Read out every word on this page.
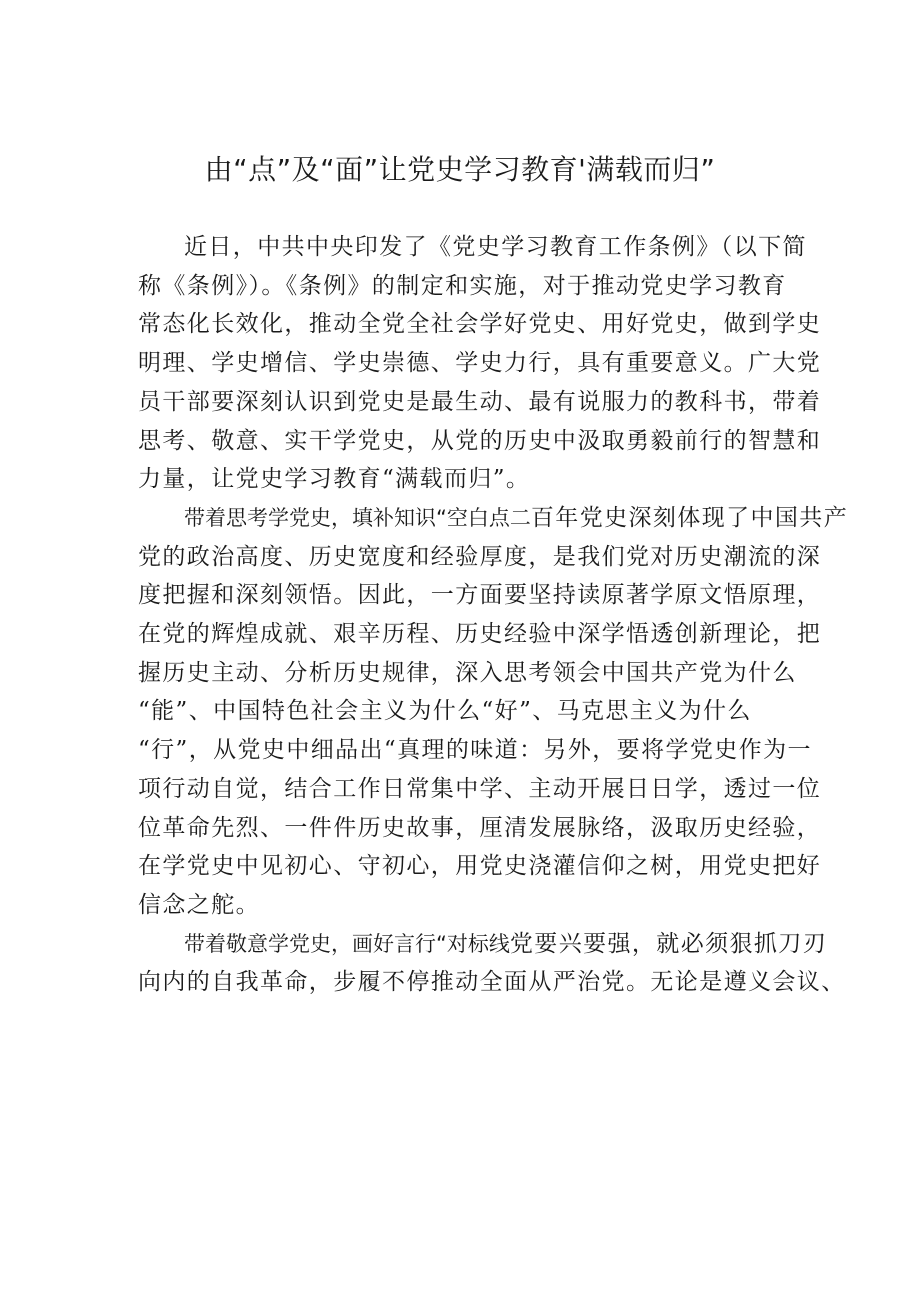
由“点”及“面”让党史学习教育'满载而归”
近日，中共中央印发了《党史学习教育工作条例》（以下简
称《条例》）。《条例》的制定和实施，对于推动党史学习教育
常态化长效化，推动全党全社会学好党史、用好党史，做到学史
明理、学史增信、学史崇德、学史力行，具有重要意义。广大党
员干部要深刻认识到党史是最生动、最有说服力的教科书，带着
思考、敬意、实干学党史，从党的历史中汲取勇毅前行的智慧和
力量，让党史学习教育“满载而归”。
带着思考学党史，填补知识“空白点二百年党史深刻体现了中国共产
党的政治高度、历史宽度和经验厚度，是我们党对历史潮流的深
度把握和深刻领悟。因此，一方面要坚持读原著学原文悟原理，
在党的辉煌成就、艰辛历程、历史经验中深学悟透创新理论，把
握历史主动、分析历史规律，深入思考领会中国共产党为什么
“能”、中国特色社会主义为什么“好”、马克思主义为什么
“行”，从党史中细品出“真理的味道：另外，要将学党史作为一
项行动自觉，结合工作日常集中学、主动开展日日学，透过一位
位革命先烈、一件件历史故事，厘清发展脉络，汲取历史经验，
在学党史中见初心、守初心，用党史浇灌信仰之树，用党史把好
信念之舵。
带着敬意学党史，画好言行“对标线党要兴要强，就必须狠抓刀刃
向内的自我革命，步履不停推动全面从严治党。无论是遵义会议、
